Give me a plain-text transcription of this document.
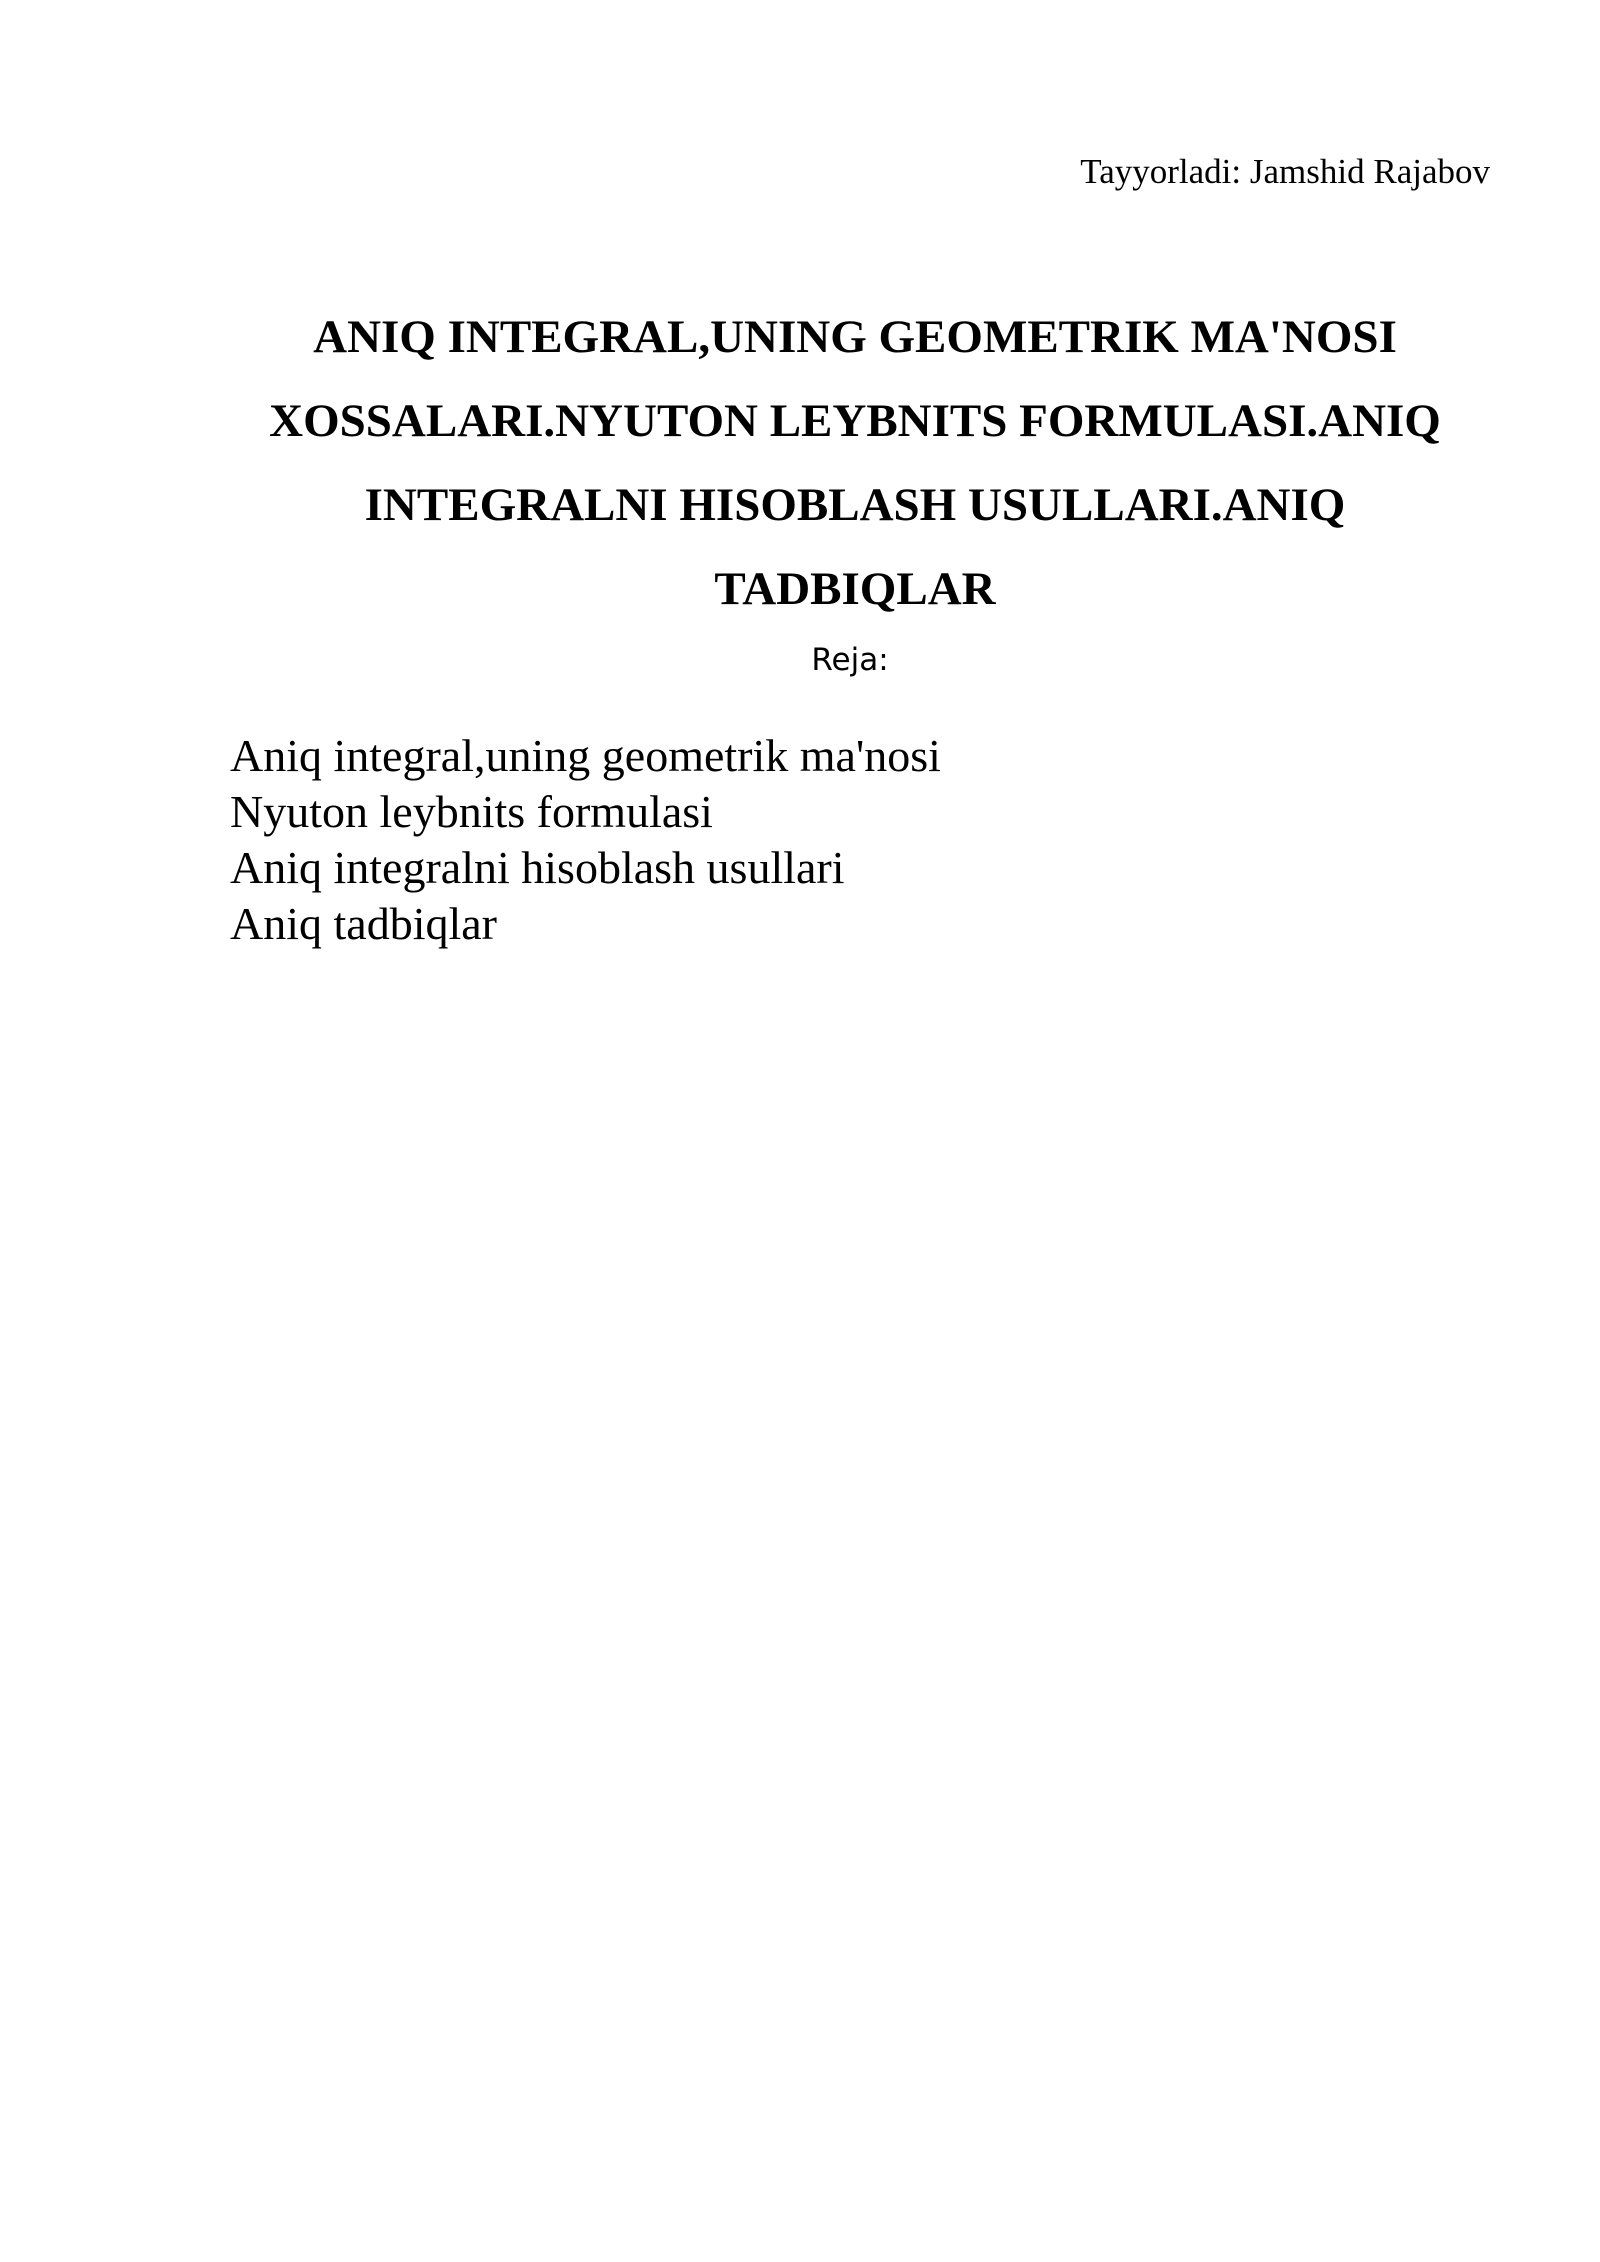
Tayyorladi: Jamshid Rajabov
ANIQ INTEGRAL,UNING GEOMETRIK MA'NOSI
XOSSALARI.NYUTON LEYBNITS FORMULASI.ANIQ
INTEGRALNI HISOBLASH USULLARI.ANIQ
TADBIQLAR
Reja:
Aniq integral,uning geometrik ma'nosi
Nyuton leybnits formulasi
Aniq integralni hisoblash usullari
Aniq tadbiqlar
